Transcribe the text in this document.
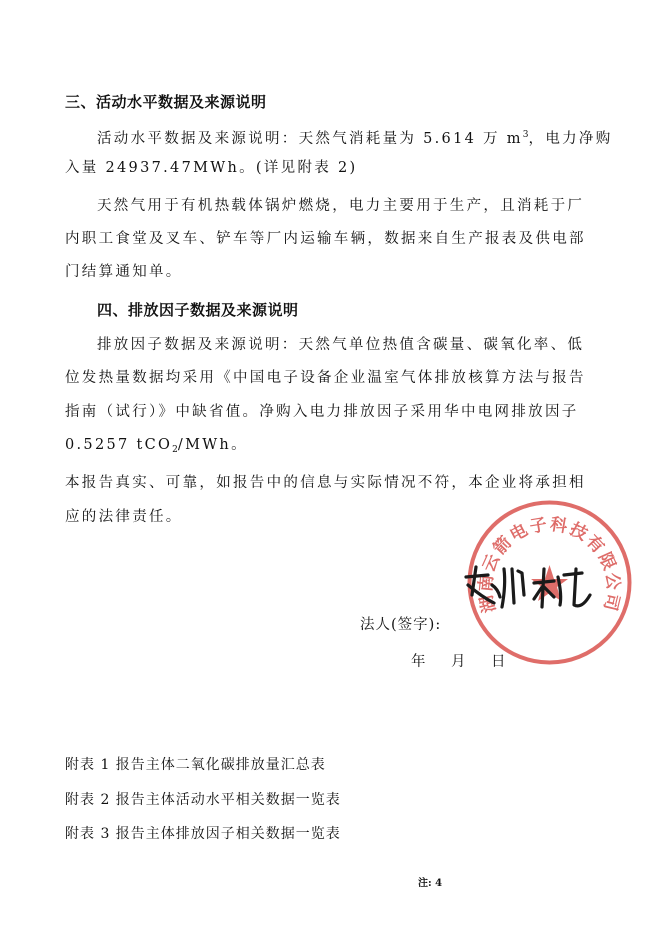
三、活动水平数据及来源说明
活动水平数据及来源说明：天然气消耗量为 5.614 万 $m^3$，电力净购
入量 24937.47MWh。(详见附表 2)
天然气用于有机热载体锅炉燃烧，电力主要用于生产，且消耗于厂
内职工食堂及叉车、铲车等厂内运输车辆，数据来自生产报表及供电部
门结算通知单。
四、排放因子数据及来源说明
排放因子数据及来源说明：天然气单位热值含碳量、碳氧化率、低
位发热量数据均采用《中国电子设备企业温室气体排放核算方法与报告
指南（试行）》中缺省值。净购入电力排放因子采用华中电网排放因子
0.5257 tCO$_2$/MWh。
本报告真实、可靠，如报告中的信息与实际情况不符，本企业将承担相
应的法律责任。
湖南云箭电子科技有限公司
法人(签字):
年 月 日
附表 1 报告主体二氧化碳排放量汇总表
附表 2 报告主体活动水平相关数据一览表
附表 3 报告主体排放因子相关数据一览表
注: 4
